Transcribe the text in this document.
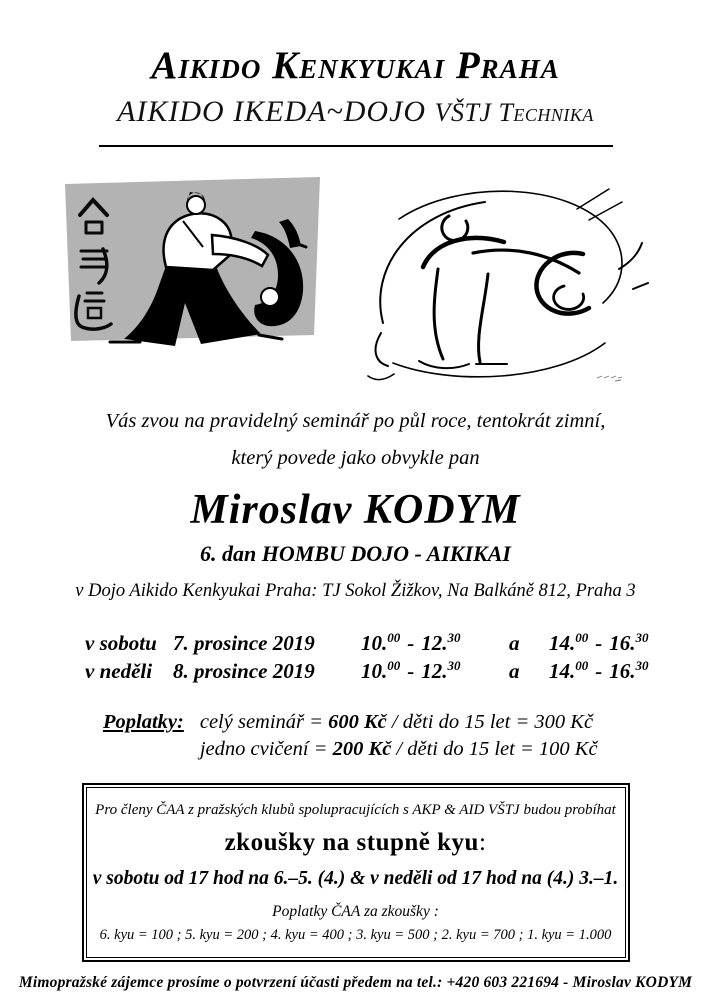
Aikido Kenkyukai Praha
AIKIDO IKEDA~DOJO VŠTJ Technika
Vás zvou na pravidelný seminář po půl roce, tentokrát zimní,
který povede jako obvykle pan
Miroslav KODYM
6. dan HOMBU DOJO - AIKIKAI
v Dojo Aikido Kenkyukai Praha: TJ Sokol Žižkov, Na Balkáně 812, Praha 3
v sobotu 7. prosince 2019	10.00 - 12.30	a	14.00 - 16.30
v neděli 8. prosince 2019	10.00 - 12.30	a	14.00 - 16.30
Poplatky: celý seminář = 600 Kč / děti do 15 let = 300 Kč
jedno cvičení = 200 Kč / děti do 15 let = 100 Kč
Pro členy ČAA z pražských klubů spolupracujících s AKP & AID VŠTJ budou probíhat
zkoušky na stupně kyu:
v sobotu od 17 hod na 6.–5. (4.) & v neděli od 17 hod na (4.) 3.–1.
Poplatky ČAA za zkoušky :
6. kyu = 100 ; 5. kyu = 200 ; 4. kyu = 400 ; 3. kyu = 500 ; 2. kyu = 700 ; 1. kyu = 1.000
Mimopražské zájemce prosíme o potvrzení účasti předem na tel.: +420 603 221694 - Miroslav KODYM
